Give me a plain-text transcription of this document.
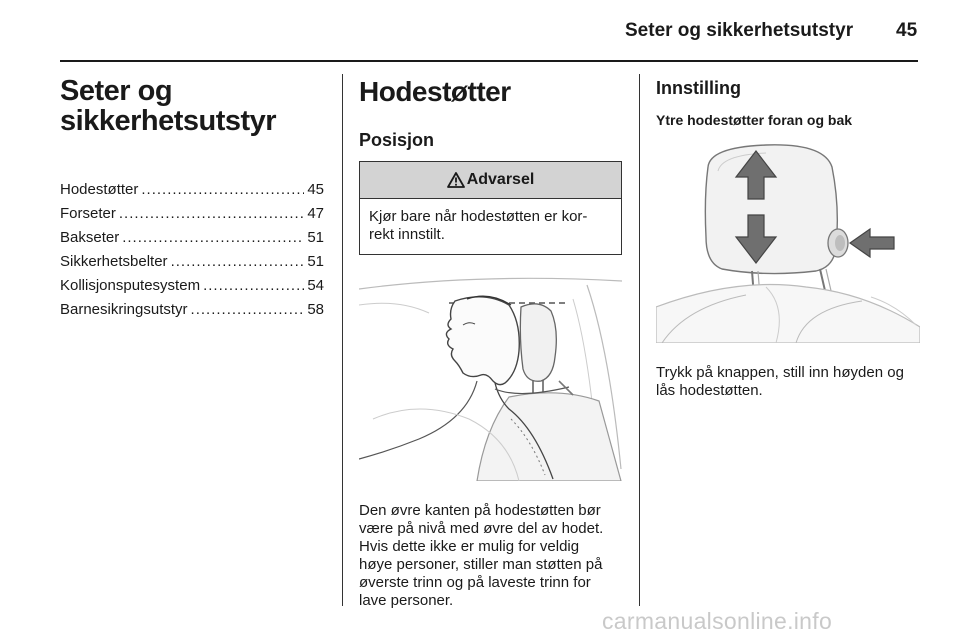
Seter og sikkerhetsutstyr 45
Seter og
sikkerhetsutstyr
Hodestøtter .....	45
Forseter .....	47
Bakseter .....	51
Sikkerhetsbelter .....	51
Kollisjonsputesystem .....	54
Barnesikringsutstyr .....	58
Hodestøtter
Posisjon
Advarsel
Kjør bare når hodestøtten er kor-
rekt innstilt.

Den øvre kanten på hodestøtten bør
være på nivå med øvre del av hodet.
Hvis dette ikke er mulig for veldig
høye personer, stiller man støtten på
øverste trinn og på laveste trinn for
lave personer.

Innstilling
Ytre hodestøtter foran og bak

Trykk på knappen, still inn høyden og
lås hodestøtten.

carmanualsonline.info
